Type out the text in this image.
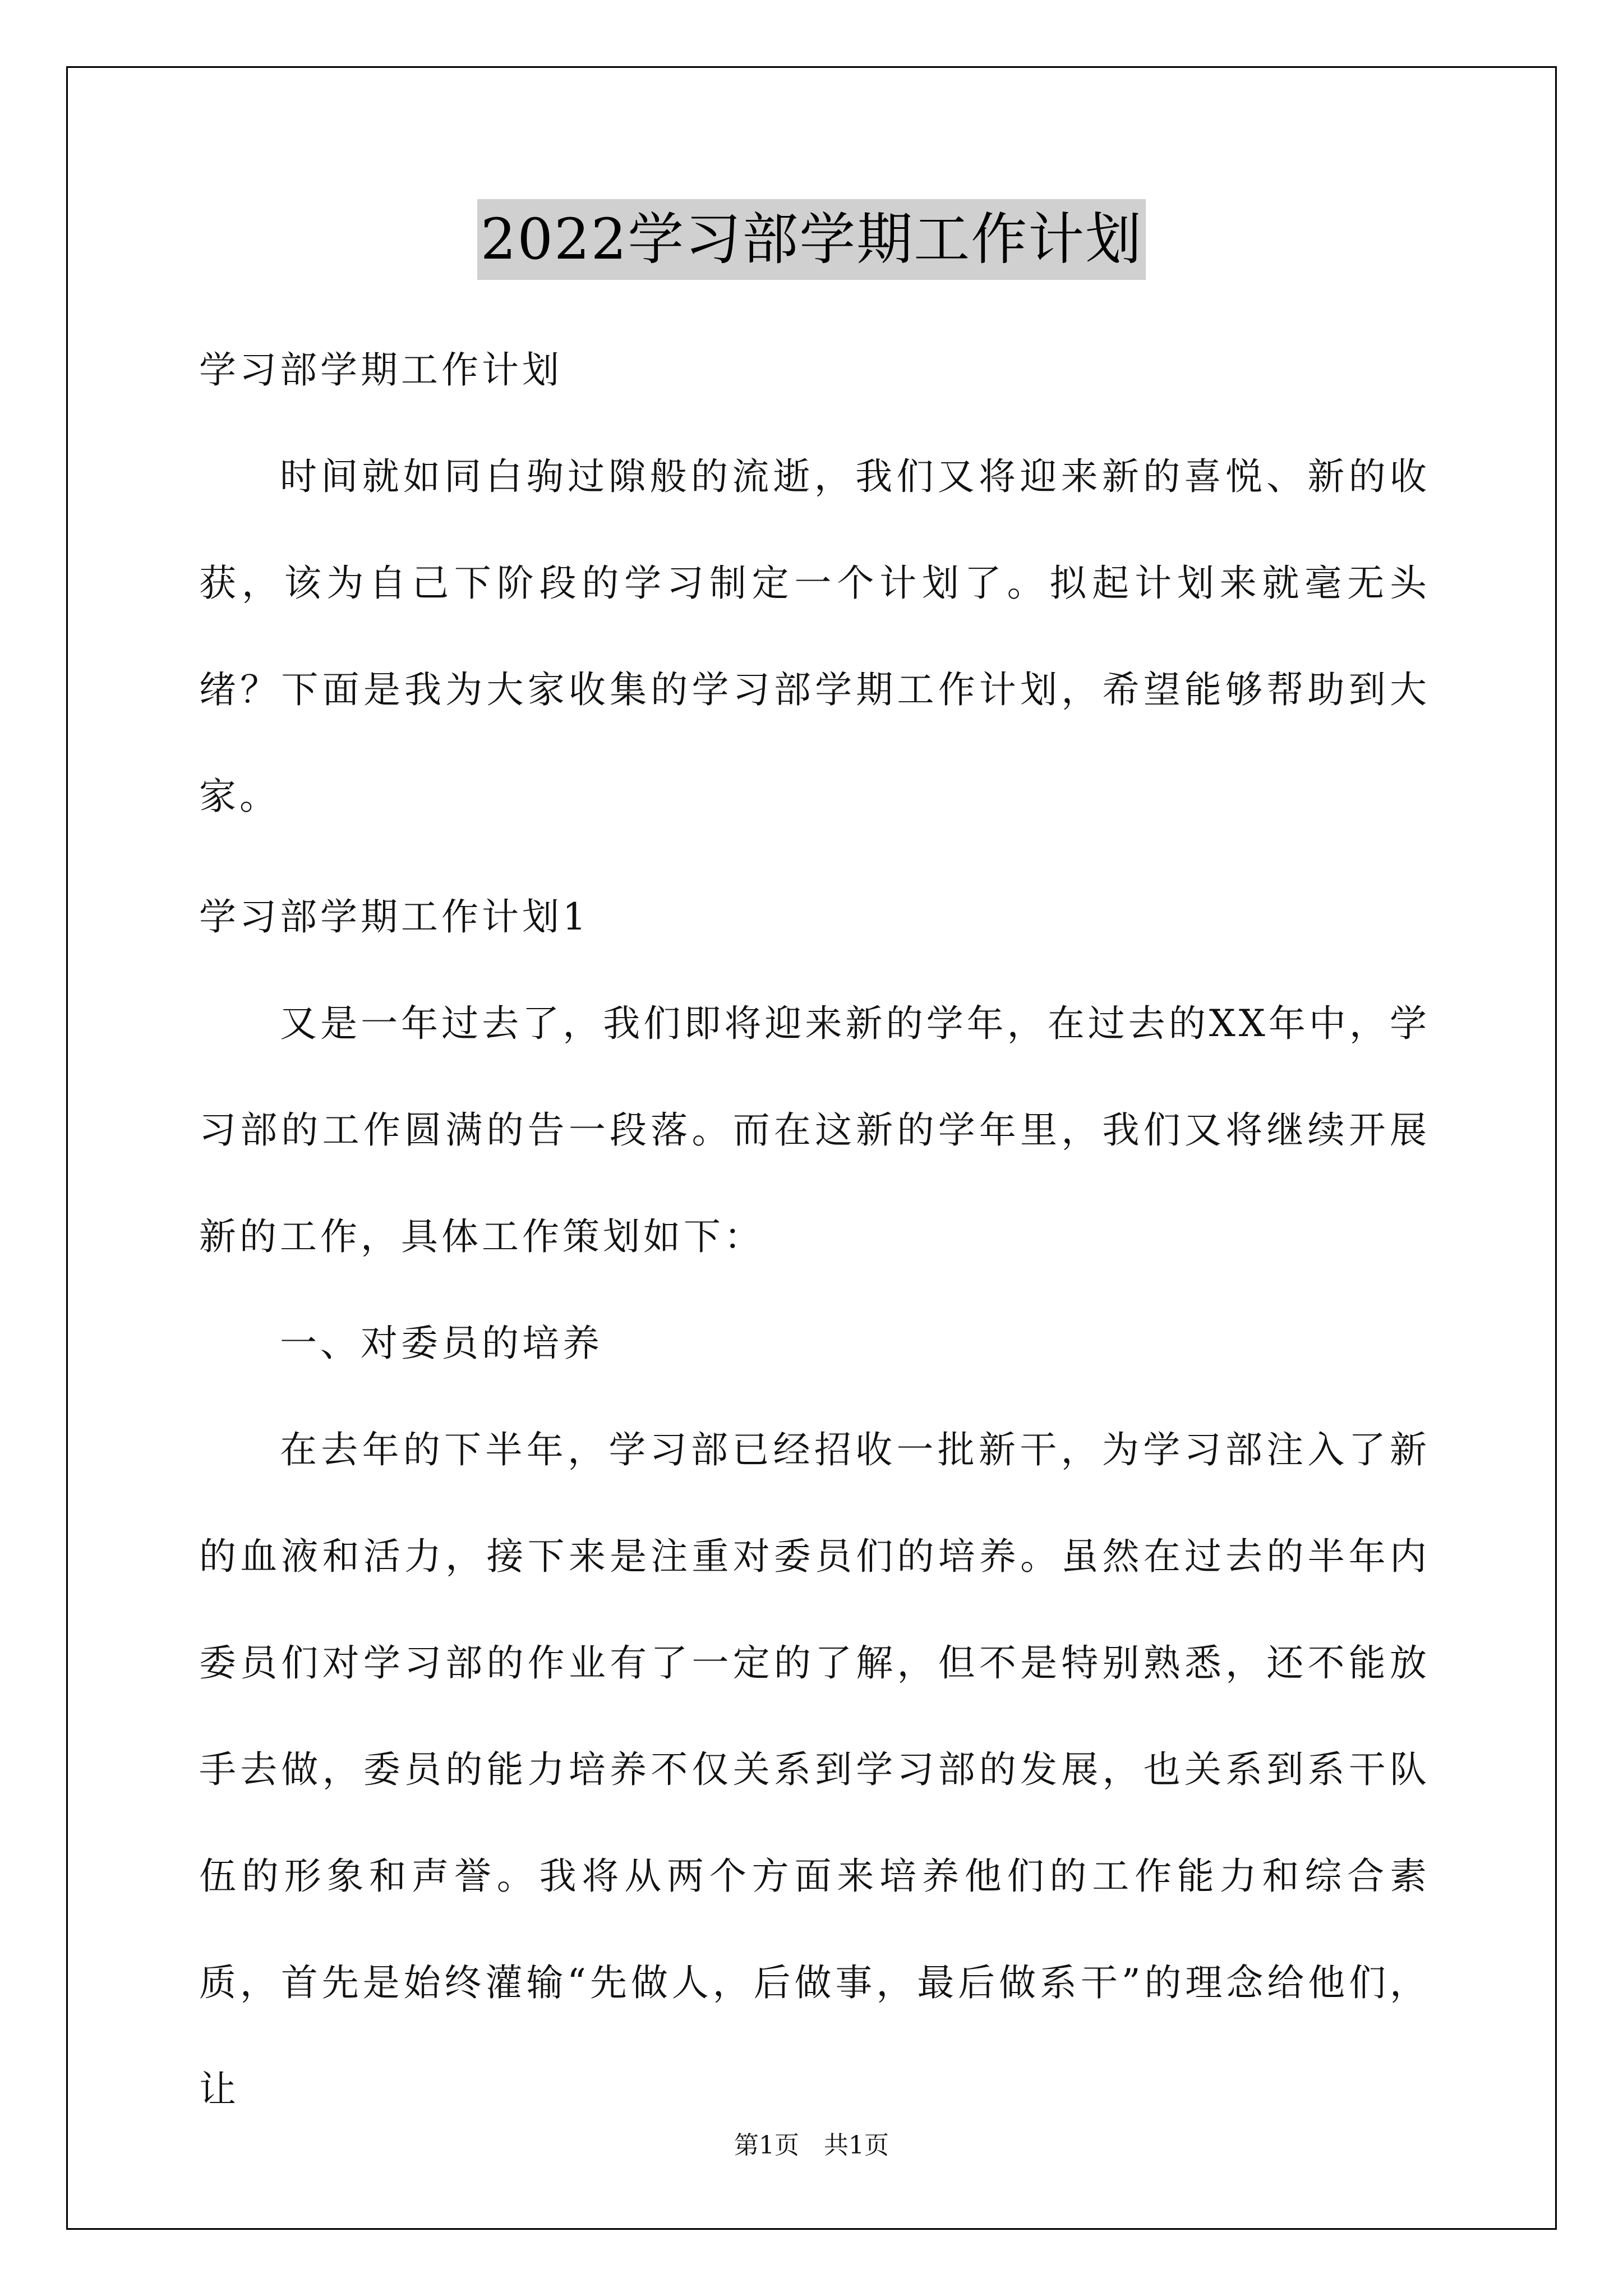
2022学习部学期工作计划

学习部学期工作计划

时间就如同白驹过隙般的流逝，我们又将迎来新的喜悦、新的收获，该为自己下阶段的学习制定一个计划了。拟起计划来就毫无头绪？下面是我为大家收集的学习部学期工作计划，希望能够帮助到大家。

学习部学期工作计划1

又是一年过去了，我们即将迎来新的学年，在过去的XX年中，学习部的工作圆满的告一段落。而在这新的学年里，我们又将继续开展新的工作，具体工作策划如下：

一、对委员的培养

在去年的下半年，学习部已经招收一批新干，为学习部注入了新的血液和活力，接下来是注重对委员们的培养。虽然在过去的半年内委员们对学习部的作业有了一定的了解，但不是特别熟悉，还不能放手去做，委员的能力培养不仅关系到学习部的发展，也关系到系干队伍的形象和声誉。我将从两个方面来培养他们的工作能力和综合素质，首先是始终灌输“先做人，后做事，最后做系干”的理念给他们，让

第1页 共1页
